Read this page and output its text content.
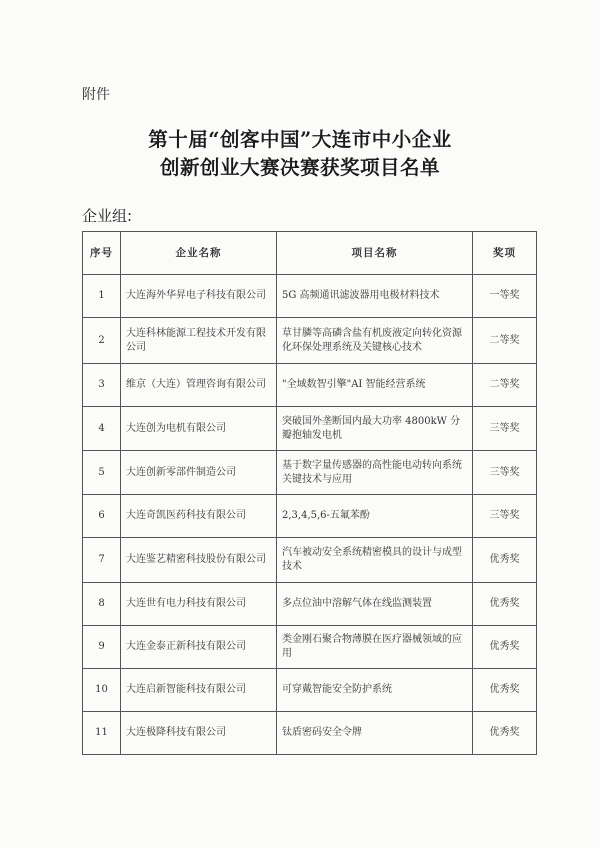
附件
第十届“创客中国”大连市中小企业
创新创业大赛决赛获奖项目名单
企业组:
序号	企业名称	项目名称	奖项
1	大连海外华昇电子科技有限公司	5G 高频通讯滤波器用电极材料技术	一等奖
2	大连科林能源工程技术开发有限公司	草甘膦等高磷含盐有机废液定向转化资源化环保处理系统及关键核心技术	二等奖
3	维京（大连）管理咨询有限公司	"全域数智引擎"AI 智能经营系统	二等奖
4	大连创为电机有限公司	突破国外垄断国内最大功率 4800kW 分瓣抱轴发电机	三等奖
5	大连创新零部件制造公司	基于数字量传感器的高性能电动转向系统关键技术与应用	三等奖
6	大连奇凯医药科技有限公司	2,3,4,5,6-五氟苯酚	三等奖
7	大连鉴艺精密科技股份有限公司	汽车被动安全系统精密模具的设计与成型技术	优秀奖
8	大连世有电力科技有限公司	多点位油中溶解气体在线监测装置	优秀奖
9	大连金泰正新科技有限公司	类金刚石聚合物薄膜在医疗器械领域的应用	优秀奖
10	大连启新智能科技有限公司	可穿戴智能安全防护系统	优秀奖
11	大连极降科技有限公司	钛盾密码安全令牌	优秀奖
